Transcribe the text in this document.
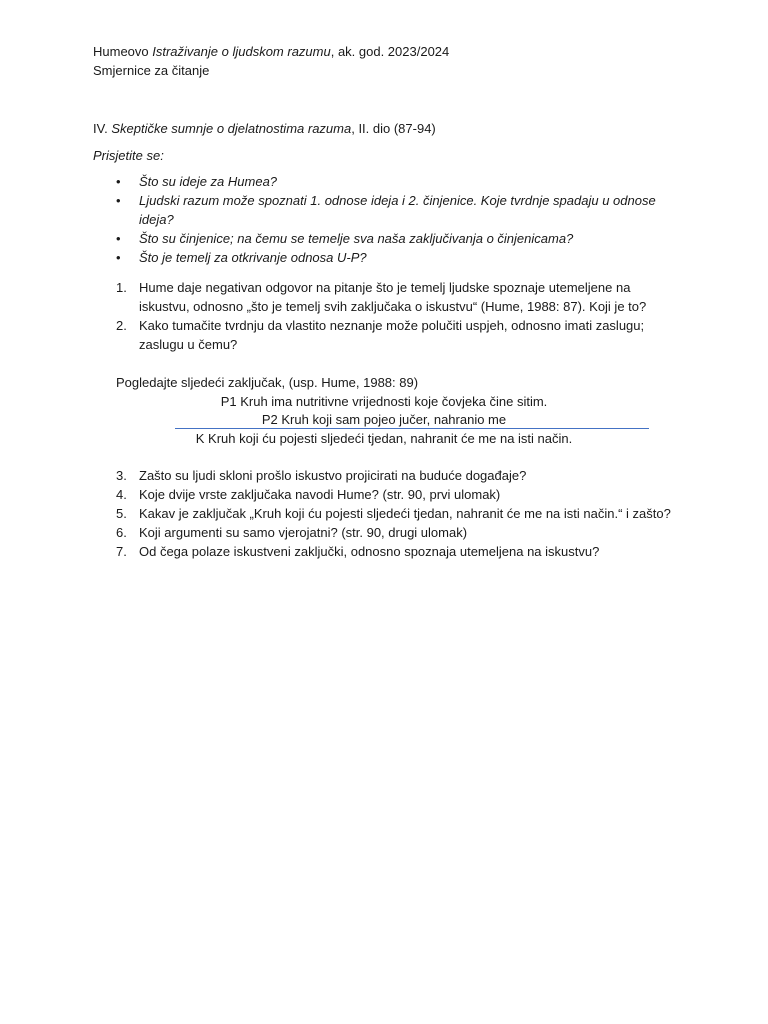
Humeovo Istraživanje o ljudskom razumu, ak. god. 2023/2024
Smjernice za čitanje
IV. Skeptičke sumnje o djelatnostima razuma, II. dio (87-94)
Prisjetite se:
•	Što su ideje za Humea?
•	Ljudski razum može spoznati 1. odnose ideja i 2. činjenice. Koje tvrdnje spadaju u odnose ideja?
•	Što su činjenice; na čemu se temelje sva naša zaključivanja o činjenicama?
•	Što je temelj za otkrivanje odnosa U-P?
1. Hume daje negativan odgovor na pitanje što je temelj ljudske spoznaje utemeljene na iskustvu, odnosno „što je temelj svih zaključaka o iskustvu“ (Hume, 1988: 87). Koji je to?
2. Kako tumačite tvrdnju da vlastito neznanje može polučiti uspjeh, odnosno imati zaslugu; zaslugu u čemu?
Pogledajte sljedeći zaključak, (usp. Hume, 1988: 89)
P1 Kruh ima nutritivne vrijednosti koje čovjeka čine sitim.
P2 Kruh koji sam pojeo jučer, nahranio me
K Kruh koji ću pojesti sljedeći tjedan, nahranit će me na isti način.
3. Zašto su ljudi skloni prošlo iskustvo projicirati na buduće događaje?
4. Koje dvije vrste zaključaka navodi Hume? (str. 90, prvi ulomak)
5. Kakav je zaključak „Kruh koji ću pojesti sljedeći tjedan, nahranit će me na isti način.“ i zašto?
6. Koji argumenti su samo vjerojatni? (str. 90, drugi ulomak)
7. Od čega polaze iskustveni zaključki, odnosno spoznaja utemeljena na iskustvu?
